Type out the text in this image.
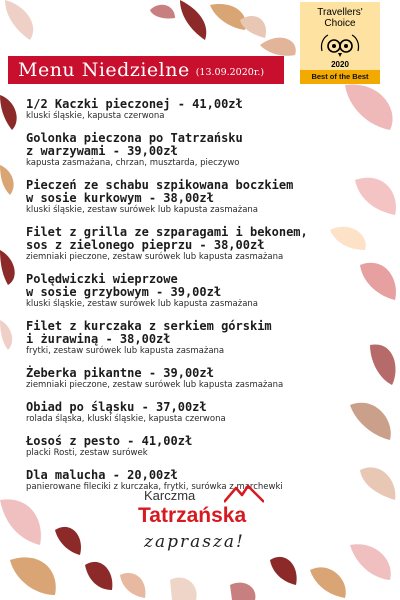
Menu Niedzielne (13.09.2020r.)
Travellers'
Choice
2020
Best of the Best
1/2 Kaczki pieczonej - 41,00zł
kluski śląskie, kapusta czerwona
Golonka pieczona po Tatrzańsku
z warzywami - 39,00zł
kapusta zasmażana, chrzan, musztarda, pieczywo
Pieczeń ze schabu szpikowana boczkiem
w sosie kurkowym - 38,00zł
kluski śląskie, zestaw surówek lub kapusta zasmażana
Filet z grilla ze szparagami i bekonem,
sos z zielonego pieprzu - 38,00zł
ziemniaki pieczone, zestaw surówek lub kapusta zasmażana
Polędwiczki wieprzowe
w sosie grzybowym - 39,00zł
kluski śląskie, zestaw surówek lub kapusta zasmażana
Filet z kurczaka z serkiem górskim
i żurawiną - 38,00zł
frytki, zestaw surówek lub kapusta zasmażana
Żeberka pikantne - 39,00zł
ziemniaki pieczone, zestaw surówek lub kapusta zasmażana
Obiad po śląsku - 37,00zł
rolada śląska, kluski śląskie, kapusta czerwona
Łosoś z pesto - 41,00zł
placki Rosti, zestaw surówek
Dla malucha - 20,00zł
panierowane fileciki z kurczaka, frytki, surówka z marchewki
Karczma
Tatrzańska
zaprasza!
